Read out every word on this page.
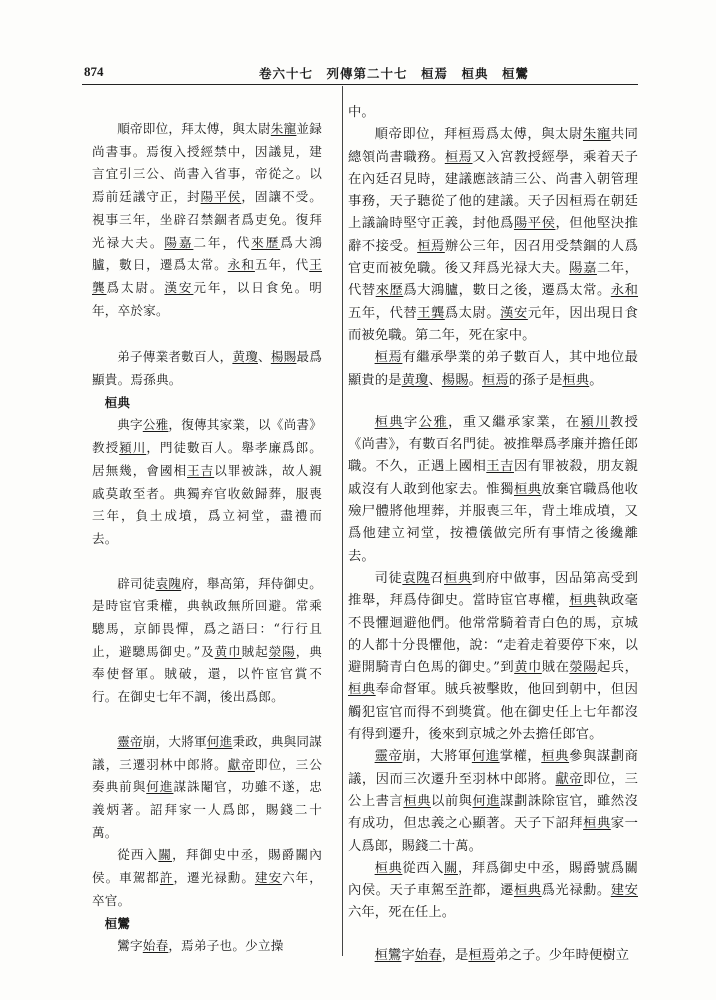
874	卷六十七　列傳第二十七　桓焉　桓典　桓鸞

順帝即位，拜太傅，與太尉朱寵並録尚書事。焉復入授經禁中，因議見，建言宜引三公、尚書入省事，帝從之。以焉前廷議守正，封陽平侯，固讓不受。視事三年，坐辟召禁錮者爲吏免。復拜光禄大夫。陽嘉二年，代來歷爲大鴻臚，數日，遷爲太常。永和五年，代王龔爲太尉。漢安元年，以日食免。明年，卒於家。

弟子傳業者數百人，黄瓊、楊賜最爲顯貴。焉孫典。

桓典

典字公雅，復傳其家業，以《尚書》教授潁川，門徒數百人。舉孝廉爲郎。居無幾，會國相王吉以罪被誅，故人親戚莫敢至者。典獨弃官收斂歸葬，服喪三年，負土成墳，爲立祠堂，盡禮而去。

辟司徒袁隗府，舉高第，拜侍御史。是時宦官秉權，典執政無所回避。常乘驄馬，京師畏憚，爲之語曰：“行行且止，避驄馬御史。”及黄巾賊起滎陽，典奉使督軍。賊破，還，以忤宦官賞不行。在御史七年不調，後出爲郎。

靈帝崩，大將軍何進秉政，典與同謀議，三遷羽林中郎將。獻帝即位，三公奏典前與何進謀誅閹官，功雖不遂，忠義炳著。詔拜家一人爲郎，賜錢二十萬。

從西入關，拜御史中丞，賜爵關內侯。車駕都許，遷光禄勳。建安六年，卒官。

桓鸞

鸞字始春，焉弟子也。少立操

中。

順帝即位，拜桓焉爲太傅，與太尉朱寵共同總領尚書職務。桓焉又入宮教授經學，乘着天子在內廷召見時，建議應該請三公、尚書入朝管理事務，天子聽從了他的建議。天子因桓焉在朝廷上議論時堅守正義，封他爲陽平侯，但他堅決推辭不接受。桓焉辦公三年，因召用受禁錮的人爲官吏而被免職。後又拜爲光禄大夫。陽嘉二年，代替來歷爲大鴻臚，數日之後，遷爲太常。永和五年，代替王龔爲太尉。漢安元年，因出現日食而被免職。第二年，死在家中。

桓焉有繼承學業的弟子數百人，其中地位最顯貴的是黄瓊、楊賜。桓焉的孫子是桓典。

桓典字公雅，重又繼承家業，在潁川教授《尚書》，有數百名門徒。被推舉爲孝廉并擔任郎職。不久，正遇上國相王吉因有罪被殺，朋友親戚沒有人敢到他家去。惟獨桓典放棄官職爲他收殮尸體將他埋葬，并服喪三年，背土堆成墳，又爲他建立祠堂，按禮儀做完所有事情之後纔離去。

司徒袁隗召桓典到府中做事，因品第高受到推舉，拜爲侍御史。當時宦官專權，桓典執政毫不畏懼迴避他們。他常常騎着青白色的馬，京城的人都十分畏懼他，說：“走着走着要停下來，以避開騎青白色馬的御史。”到黄巾賊在滎陽起兵，桓典奉命督軍。賊兵被擊敗，他回到朝中，但因觸犯宦官而得不到獎賞。他在御史任上七年都沒有得到遷升，後來到京城之外去擔任郎官。

靈帝崩，大將軍何進掌權，桓典參與謀劃商議，因而三次遷升至羽林中郎將。獻帝即位，三公上書言桓典以前與何進謀劃誅除宦官，雖然沒有成功，但忠義之心顯著。天子下詔拜桓典家一人爲郎，賜錢二十萬。

桓典從西入關，拜爲御史中丞，賜爵號爲關內侯。天子車駕至許都，遷桓典爲光禄勳。建安六年，死在任上。

桓鸞字始春，是桓焉弟之子。少年時便樹立
